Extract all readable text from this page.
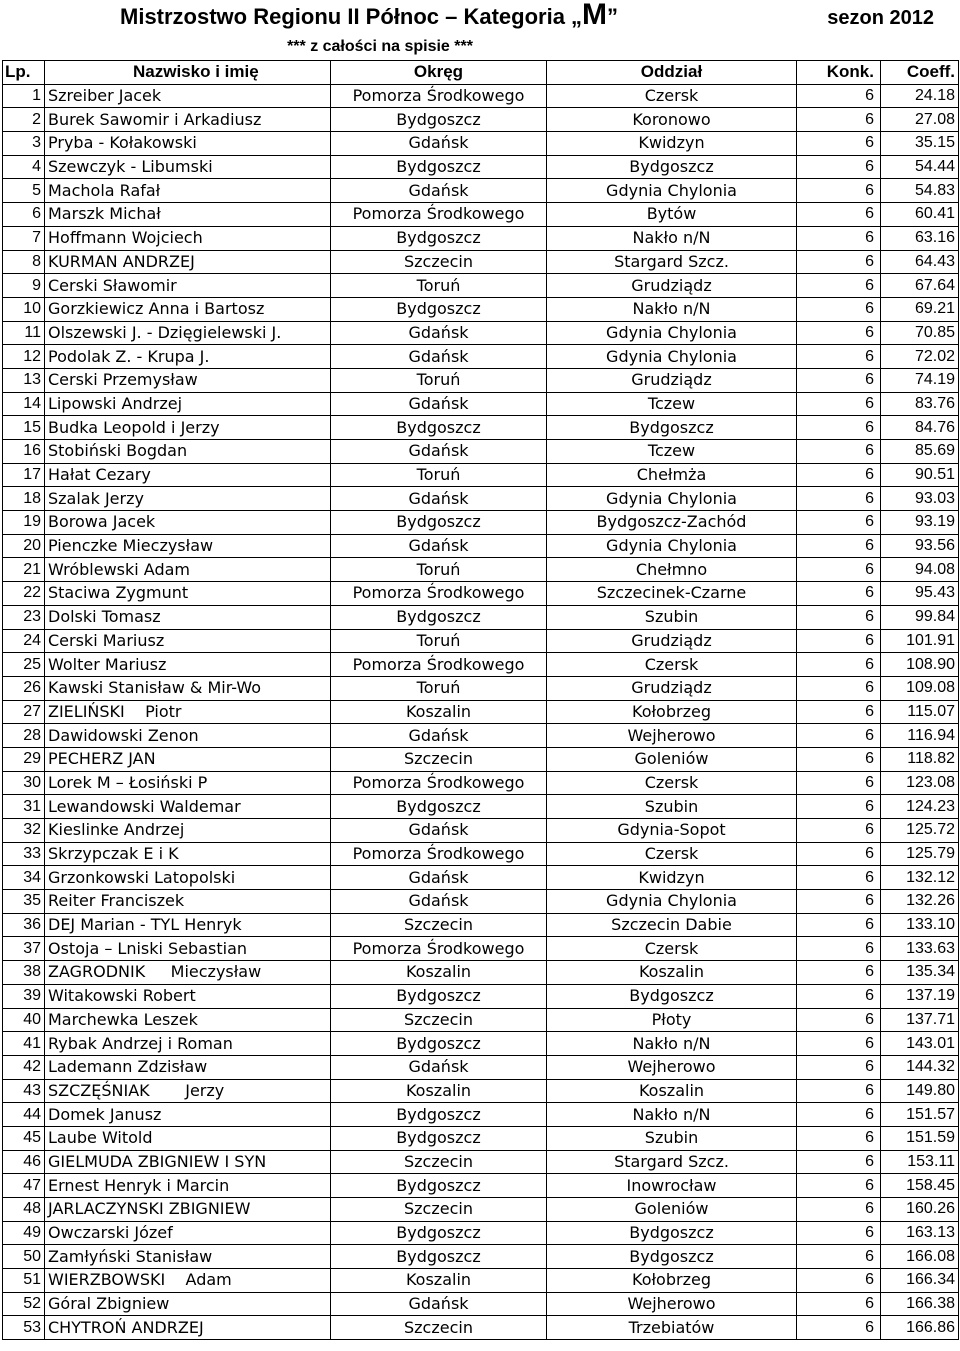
Mistrzostwo Regionu II Północ – Kategoria „M”	sezon 2012
*** z całości na spisie ***
Lp.	Nazwisko i imię	Okręg	Oddział	Konk.	Coeff.
1	Szreiber Jacek	Pomorza Środkowego	Czersk	6	24.18
2	Burek Sawomir i Arkadiusz	Bydgoszcz	Koronowo	6	27.08
3	Pryba - Kołakowski	Gdańsk	Kwidzyn	6	35.15
4	Szewczyk - Libumski	Bydgoszcz	Bydgoszcz	6	54.44
5	Machola Rafał	Gdańsk	Gdynia Chylonia	6	54.83
6	Marszk Michał	Pomorza Środkowego	Bytów	6	60.41
7	Hoffmann Wojciech	Bydgoszcz	Nakło n/N	6	63.16
8	KURMAN ANDRZEJ	Szczecin	Stargard Szcz.	6	64.43
9	Cerski Sławomir	Toruń	Grudziądz	6	67.64
10	Gorzkiewicz Anna i Bartosz	Bydgoszcz	Nakło n/N	6	69.21
11	Olszewski J. - Dzięgielewski J.	Gdańsk	Gdynia Chylonia	6	70.85
12	Podolak Z. - Krupa J.	Gdańsk	Gdynia Chylonia	6	72.02
13	Cerski Przemysław	Toruń	Grudziądz	6	74.19
14	Lipowski Andrzej	Gdańsk	Tczew	6	83.76
15	Budka Leopold i Jerzy	Bydgoszcz	Bydgoszcz	6	84.76
16	Stobiński Bogdan	Gdańsk	Tczew	6	85.69
17	Hałat Cezary	Toruń	Chełmża	6	90.51
18	Szalak Jerzy	Gdańsk	Gdynia Chylonia	6	93.03
19	Borowa Jacek	Bydgoszcz	Bydgoszcz-Zachód	6	93.19
20	Pienczke Mieczysław	Gdańsk	Gdynia Chylonia	6	93.56
21	Wróblewski Adam	Toruń	Chełmno	6	94.08
22	Staciwa Zygmunt	Pomorza Środkowego	Szczecinek-Czarne	6	95.43
23	Dolski Tomasz	Bydgoszcz	Szubin	6	99.84
24	Cerski Mariusz	Toruń	Grudziądz	6	101.91
25	Wolter Mariusz	Pomorza Środkowego	Czersk	6	108.90
26	Kawski Stanisław & Mir-Wo	Toruń	Grudziądz	6	109.08
27	ZIELIŃSKI    Piotr	Koszalin	Kołobrzeg	6	115.07
28	Dawidowski Zenon	Gdańsk	Wejherowo	6	116.94
29	PECHERZ JAN	Szczecin	Goleniów	6	118.82
30	Lorek M – Łosiński P	Pomorza Środkowego	Czersk	6	123.08
31	Lewandowski Waldemar	Bydgoszcz	Szubin	6	124.23
32	Kieslinke Andrzej	Gdańsk	Gdynia-Sopot	6	125.72
33	Skrzypczak E i K	Pomorza Środkowego	Czersk	6	125.79
34	Grzonkowski Latopolski	Gdańsk	Kwidzyn	6	132.12
35	Reiter Franciszek	Gdańsk	Gdynia Chylonia	6	132.26
36	DEJ Marian - TYL Henryk	Szczecin	Szczecin Dabie	6	133.10
37	Ostoja – Lniski Sebastian	Pomorza Środkowego	Czersk	6	133.63
38	ZAGRODNIK     Mieczysław	Koszalin	Koszalin	6	135.34
39	Witakowski Robert	Bydgoszcz	Bydgoszcz	6	137.19
40	Marchewka Leszek	Szczecin	Płoty	6	137.71
41	Rybak Andrzej i Roman	Bydgoszcz	Nakło n/N	6	143.01
42	Lademann Zdzisław	Gdańsk	Wejherowo	6	144.32
43	SZCZĘŚNIAK       Jerzy	Koszalin	Koszalin	6	149.80
44	Domek Janusz	Bydgoszcz	Nakło n/N	6	151.57
45	Laube Witold	Bydgoszcz	Szubin	6	151.59
46	GIELMUDA ZBIGNIEW I SYN	Szczecin	Stargard Szcz.	6	153.11
47	Ernest Henryk i Marcin	Bydgoszcz	Inowrocław	6	158.45
48	JARLACZYNSKI ZBIGNIEW	Szczecin	Goleniów	6	160.26
49	Owczarski Józef	Bydgoszcz	Bydgoszcz	6	163.13
50	Zamłyński Stanisław	Bydgoszcz	Bydgoszcz	6	166.08
51	WIERZBOWSKI    Adam	Koszalin	Kołobrzeg	6	166.34
52	Góral Zbigniew	Gdańsk	Wejherowo	6	166.38
53	CHYTROŃ ANDRZEJ	Szczecin	Trzebiatów	6	166.86
